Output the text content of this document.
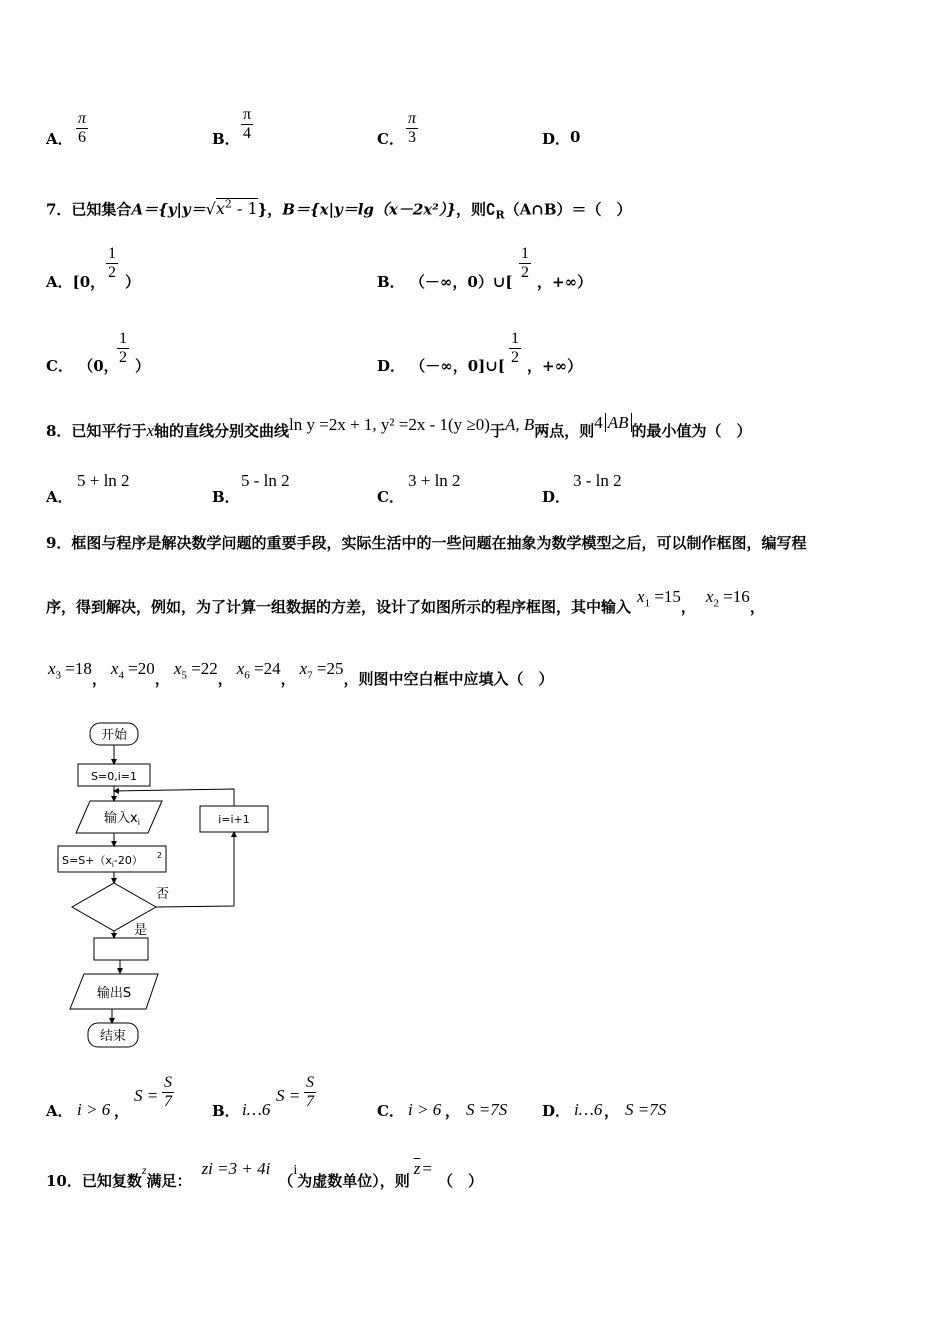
A． $\frac{\pi}{6}$	B． $\frac{\pi}{4}$	C． $\frac{\pi}{3}$	D． 0
7．已知集合$A=\{y|y=√x^2 - 1\}$，B＝{x|y＝lg（x－2x²）}，则$∁_R(A\cap B)=$（　）
A．[0， $\frac{1}{2}$ ）	B． （－∞，0）∪[ $\frac{1}{2}$ ，+∞）
C． （0，
$\frac{1}{2}$ ）	D． （－∞，0]∪[ $\frac{1}{2}$ ，+∞）
8．已知平行于x轴的直线分别交曲线ln y =2x + 1, y² =2x - 1(y ≥0)于A, B两点，则4 AB 的最小值为（　）
A．
5 + ln 2
B．
5 - ln 2
C．
3 + ln 2
D．
3 - ln 2
9．框图与程序是解决数学问题的重要手段，实际生活中的一些问题在抽象为数学模型之后，可以制作框图，编写程
序，得到解决，例如，为了计算一组数据的方差，设计了如图所示的程序框图，其中输入$x_1 =15$，$x_2 =16$，
$x_3 =18$，$x_4 =20$，$x_5 =22$，$x_6 =24$，$x_7 =25$，则图中空白框中应填入（　）
开始
S=0,i=1
输入$x_i$
$S=S+(x_i-20)$ $^2$
i=i+1
否
是
输出S
结束
A． i > 6 ，
$S = \frac{S}{7}$	B． i…6
$S = \frac{S}{7}$	C． i > 6 ， S =7S D． i…6 ， S =7S
10．已知复数z满足：zi =3 + 4i（i为虚数单位），则$\overline{z}$ =（　）
